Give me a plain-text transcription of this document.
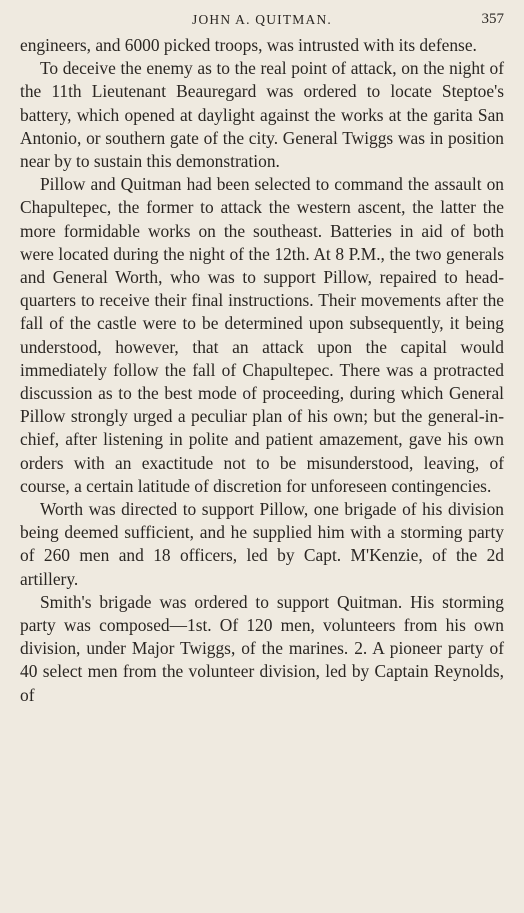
JOHN A. QUITMAN.	357

engineers, and 6000 picked troops, was intrusted with its defense.

To deceive the enemy as to the real point of attack, on the night of the 11th Lieutenant Beauregard was ordered to locate Steptoe's battery, which opened at daylight against the works at the garita San Antonio, or southern gate of the city. General Twiggs was in position near by to sustain this demonstration.

Pillow and Quitman had been selected to command the assault on Chapultepec, the former to attack the western ascent, the latter the more formidable works on the southeast. Batteries in aid of both were located during the night of the 12th. At 8 P.M., the two generals and General Worth, who was to support Pillow, repaired to head-quarters to receive their final instructions. Their movements after the fall of the castle were to be determined upon subsequently, it being understood, however, that an attack upon the capital would immediately follow the fall of Chapultepec. There was a protracted discussion as to the best mode of proceeding, during which General Pillow strongly urged a peculiar plan of his own; but the general-in-chief, after listening in polite and patient amazement, gave his own orders with an exactitude not to be misunderstood, leaving, of course, a certain latitude of discretion for unforeseen contingencies.

Worth was directed to support Pillow, one brigade of his division being deemed sufficient, and he supplied him with a storming party of 260 men and 18 officers, led by Capt. M'Kenzie, of the 2d artillery.

Smith's brigade was ordered to support Quitman. His storming party was composed—1st. Of 120 men, volunteers from his own division, under Major Twiggs, of the marines. 2. A pioneer party of 40 select men from the volunteer division, led by Captain Reynolds, of
